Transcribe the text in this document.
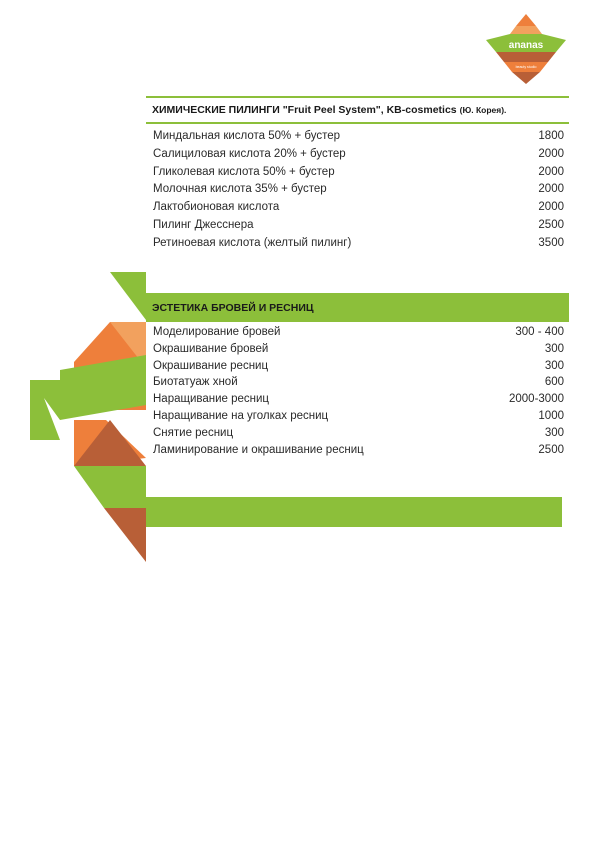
ananas
beauty studio
ХИМИЧЕСКИЕ ПИЛИНГИ "Fruit Peel System", KB-cosmetics (Ю. Корея).
Миндальная кислота 50% + бустер	1800
Салициловая кислота 20% + бустер	2000
Гликолевая кислота 50% + бустер	2000
Молочная кислота 35% + бустер	2000
Лактобионовая кислота	2000
Пилинг Джесснера	2500
Ретиноевая кислота (желтый пилинг)	3500
ЭСТЕТИКА БРОВЕЙ И РЕСНИЦ
Моделирование бровей	300 - 400
Окрашивание бровей	300
Окрашивание ресниц	300
Биотатуаж хной	600
Наращивание ресниц	2000-3000
Наращивание на уголках ресниц	1000
Снятие ресниц	300
Ламинирование и окрашивание ресниц	2500
